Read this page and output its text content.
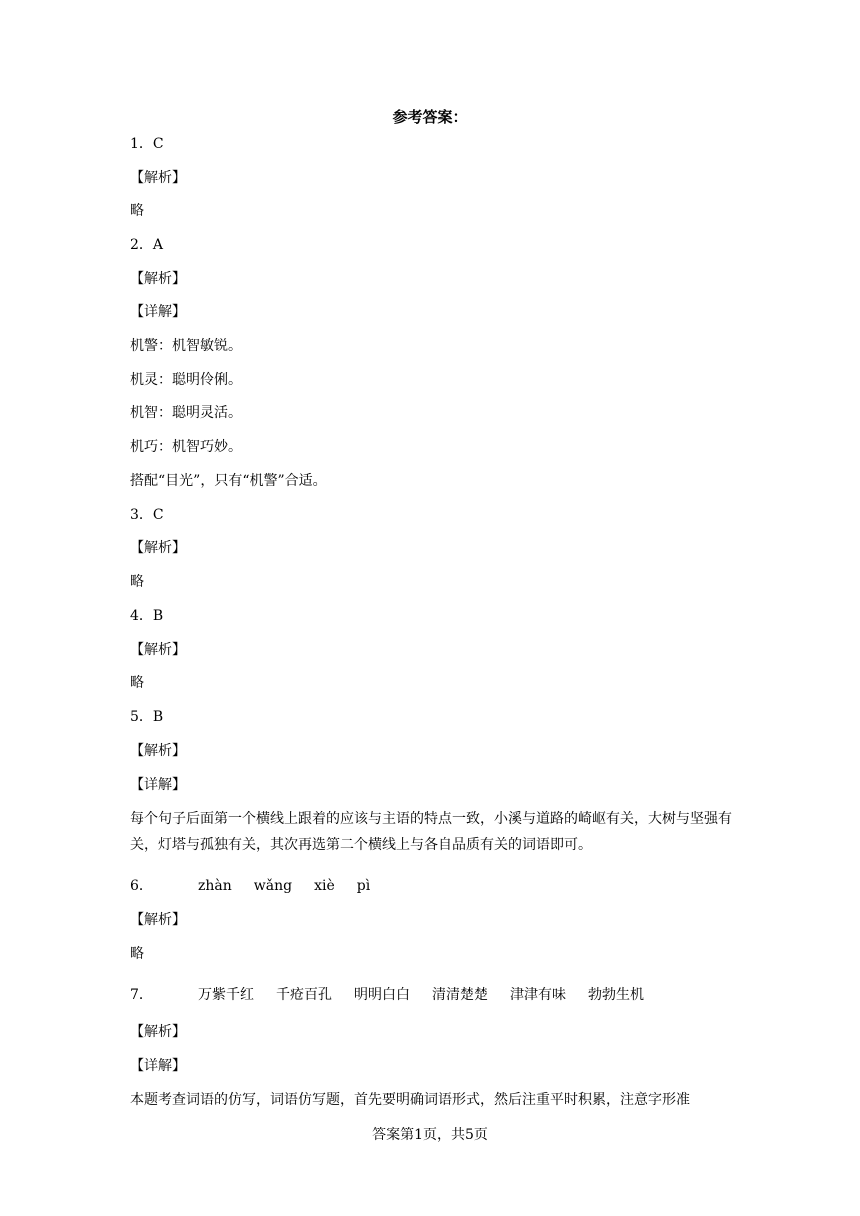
参考答案：
1．C
【解析】
略
2．A
【解析】
【详解】
机警：机智敏锐。
机灵：聪明伶俐。
机智：聪明灵活。
机巧：机智巧妙。
搭配“目光”，只有“机警”合适。
3．C
【解析】
略
4．B
【解析】
略
5．B
【解析】
【详解】
每个句子后面第一个横线上跟着的应该与主语的特点一致，小溪与道路的崎岖有关，大树与坚强有关，灯塔与孤独有关，其次再选第二个横线上与各自品质有关的词语即可。
6．	zhàn wǎng xiè pì
【解析】
略
7．	万紫千红 千疮百孔 明明白白 清清楚楚 津津有味 勃勃生机
【解析】
【详解】
本题考查词语的仿写，词语仿写题，首先要明确词语形式，然后注重平时积累，注意字形准
答案第1页，共5页
